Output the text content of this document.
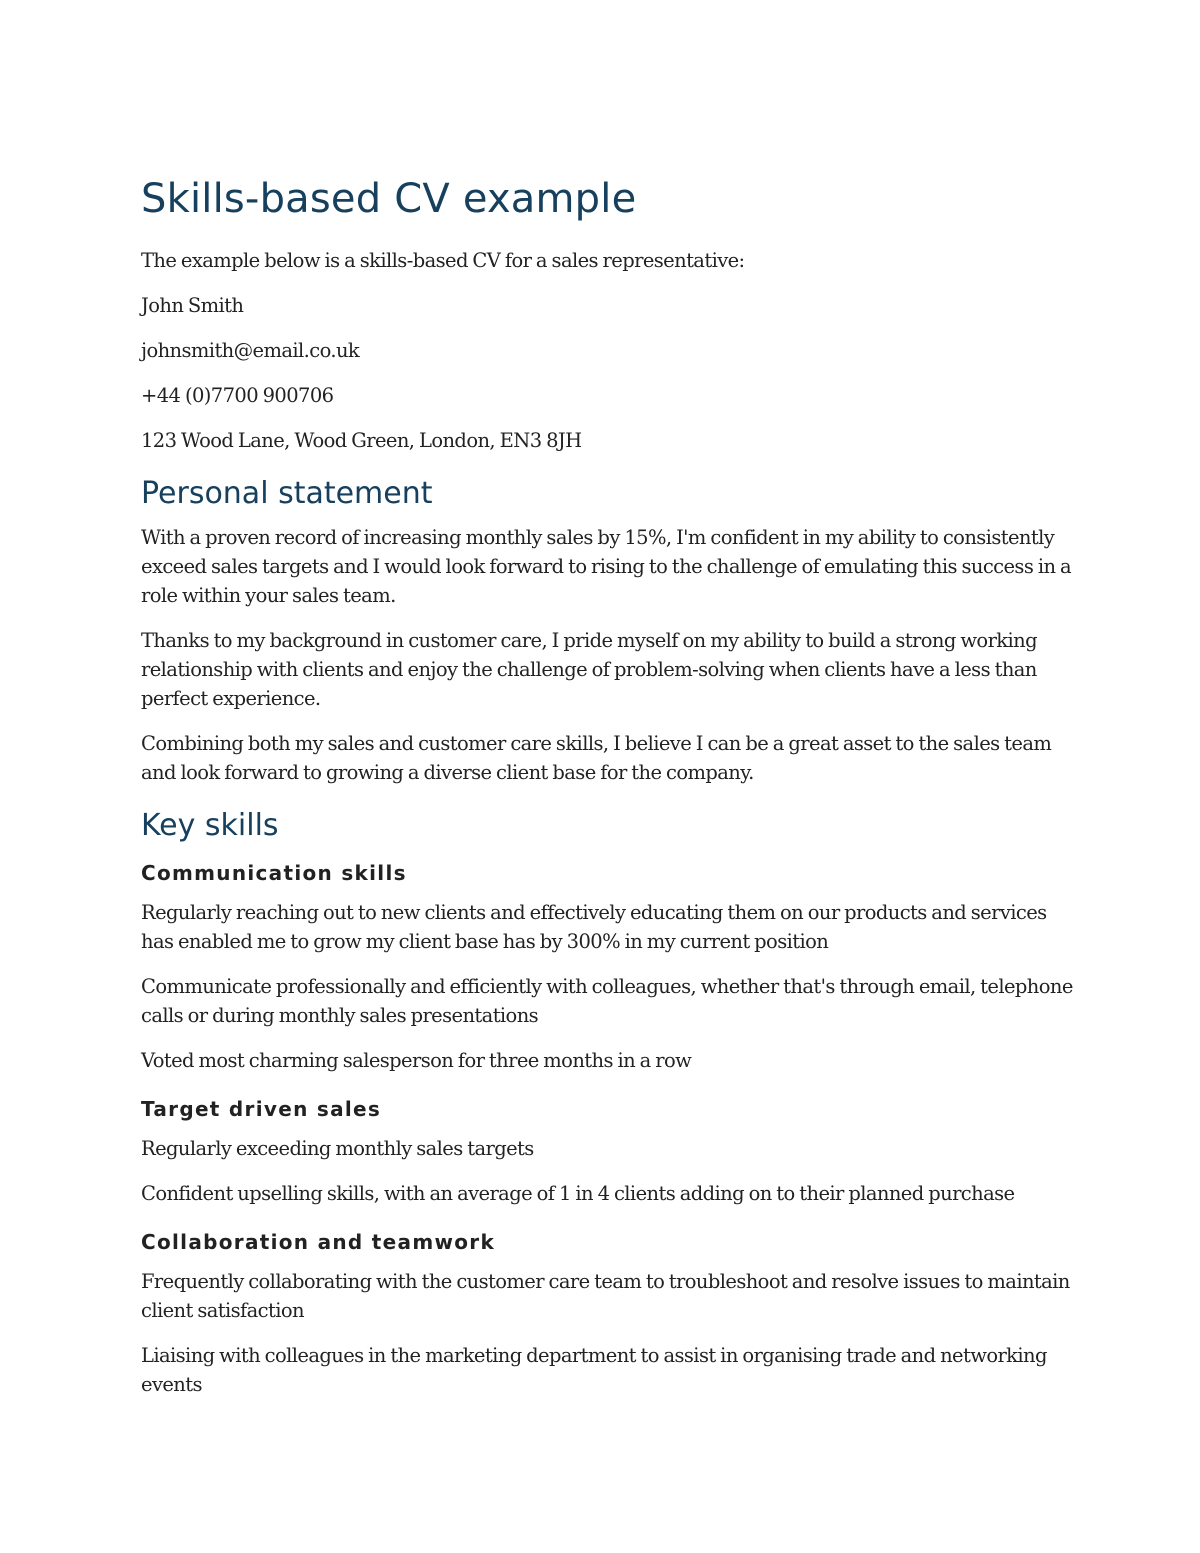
Skills-based CV example

The example below is a skills-based CV for a sales representative:

John Smith

johnsmith@email.co.uk

+44 (0)7700 900706

123 Wood Lane, Wood Green, London, EN3 8JH

Personal statement

With a proven record of increasing monthly sales by 15%, I'm confident in my ability to consistently exceed sales targets and I would look forward to rising to the challenge of emulating this success in a role within your sales team.

Thanks to my background in customer care, I pride myself on my ability to build a strong working relationship with clients and enjoy the challenge of problem-solving when clients have a less than perfect experience.

Combining both my sales and customer care skills, I believe I can be a great asset to the sales team and look forward to growing a diverse client base for the company.

Key skills
Communication skills

Regularly reaching out to new clients and effectively educating them on our products and services has enabled me to grow my client base has by 300% in my current position

Communicate professionally and efficiently with colleagues, whether that's through email, telephone calls or during monthly sales presentations

Voted most charming salesperson for three months in a row

Target driven sales

Regularly exceeding monthly sales targets

Confident upselling skills, with an average of 1 in 4 clients adding on to their planned purchase

Collaboration and teamwork

Frequently collaborating with the customer care team to troubleshoot and resolve issues to maintain client satisfaction

Liaising with colleagues in the marketing department to assist in organising trade and networking events
